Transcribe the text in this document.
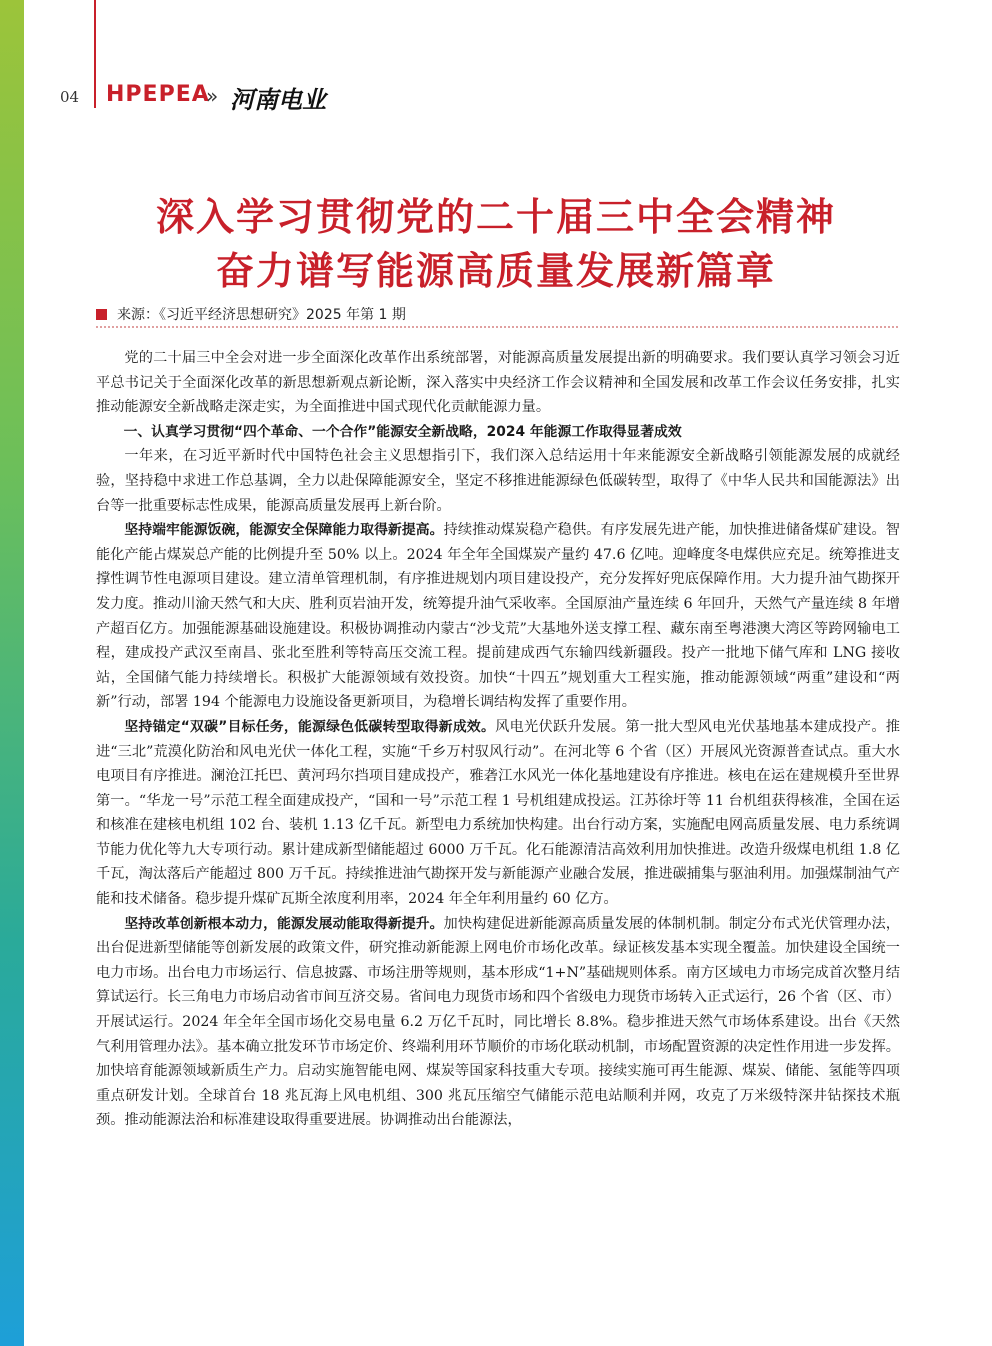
04 HPEPEA
» 河南电业
深入学习贯彻党的二十届三中全会精神
奋力谱写能源高质量发展新篇章
来源：《习近平经济思想研究》2025 年第 1 期

党的二十届三中全会对进一步全面深化改革作出系统部署，对能源高质量发展提出新的明确要求。我们要认真学习领会习近平总书记关于全面深化改革的新思想新观点新论断，深入落实中央经济工作会议精神和全国发展和改革工作会议任务安排，扎实推动能源安全新战略走深走实，为全面推进中国式现代化贡献能源力量。

一、认真学习贯彻“四个革命、一个合作”能源安全新战略，2024 年能源工作取得显著成效

一年来，在习近平新时代中国特色社会主义思想指引下，我们深入总结运用十年来能源安全新战略引领能源发展的成就经验，坚持稳中求进工作总基调，全力以赴保障能源安全，坚定不移推进能源绿色低碳转型，取得了《中华人民共和国能源法》出台等一批重要标志性成果，能源高质量发展再上新台阶。

坚持端牢能源饭碗，能源安全保障能力取得新提高。持续推动煤炭稳产稳供。有序发展先进产能，加快推进储备煤矿建设。智能化产能占煤炭总产能的比例提升至 50% 以上。2024 年全年全国煤炭产量约 47.6 亿吨。迎峰度冬电煤供应充足。统筹推进支撑性调节性电源项目建设。建立清单管理机制，有序推进规划内项目建设投产，充分发挥好兜底保障作用。大力提升油气勘探开发力度。推动川渝天然气和大庆、胜利页岩油开发，统筹提升油气采收率。全国原油产量连续 6 年回升，天然气产量连续 8 年增产超百亿方。加强能源基础设施建设。积极协调推动内蒙古“沙戈荒”大基地外送支撑工程、藏东南至粤港澳大湾区等跨网输电工程，建成投产武汉至南昌、张北至胜利等特高压交流工程。提前建成西气东输四线新疆段。投产一批地下储气库和 LNG 接收站，全国储气能力持续增长。积极扩大能源领域有效投资。加快“十四五”规划重大工程实施，推动能源领域“两重”建设和“两新”行动，部署 194 个能源电力设施设备更新项目，为稳增长调结构发挥了重要作用。

坚持锚定“双碳”目标任务，能源绿色低碳转型取得新成效。风电光伏跃升发展。第一批大型风电光伏基地基本建成投产。推进“三北”荒漠化防治和风电光伏一体化工程，实施“千乡万村驭风行动”。在河北等 6 个省（区）开展风光资源普查试点。重大水电项目有序推进。澜沧江托巴、黄河玛尔挡项目建成投产，雅砻江水风光一体化基地建设有序推进。核电在运在建规模升至世界第一。“华龙一号”示范工程全面建成投产，“国和一号”示范工程 1 号机组建成投运。江苏徐圩等 11 台机组获得核准，全国在运和核准在建核电机组 102 台、装机 1.13 亿千瓦。新型电力系统加快构建。出台行动方案，实施配电网高质量发展、电力系统调节能力优化等九大专项行动。累计建成新型储能超过 6000 万千瓦。化石能源清洁高效利用加快推进。改造升级煤电机组 1.8 亿千瓦，淘汰落后产能超过 800 万千瓦。持续推进油气勘探开发与新能源产业融合发展，推进碳捕集与驱油利用。加强煤制油气产能和技术储备。稳步提升煤矿瓦斯全浓度利用率，2024 年全年利用量约 60 亿方。

坚持改革创新根本动力，能源发展动能取得新提升。加快构建促进新能源高质量发展的体制机制。制定分布式光伏管理办法，出台促进新型储能等创新发展的政策文件，研究推动新能源上网电价市场化改革。绿证核发基本实现全覆盖。加快建设全国统一电力市场。出台电力市场运行、信息披露、市场注册等规则，基本形成“1+N”基础规则体系。南方区域电力市场完成首次整月结算试运行。长三角电力市场启动省市间互济交易。省间电力现货市场和四个省级电力现货市场转入正式运行，26 个省（区、市）开展试运行。2024 年全年全国市场化交易电量 6.2 万亿千瓦时，同比增长 8.8%。稳步推进天然气市场体系建设。出台《天然气利用管理办法》。基本确立批发环节市场定价、终端利用环节顺价的市场化联动机制，市场配置资源的决定性作用进一步发挥。加快培育能源领域新质生产力。启动实施智能电网、煤炭等国家科技重大专项。接续实施可再生能源、煤炭、储能、氢能等四项重点研发计划。全球首台 18 兆瓦海上风电机组、300 兆瓦压缩空气储能示范电站顺利并网，攻克了万米级特深井钻探技术瓶颈。推动能源法治和标准建设取得重要进展。协调推动出台能源法，
